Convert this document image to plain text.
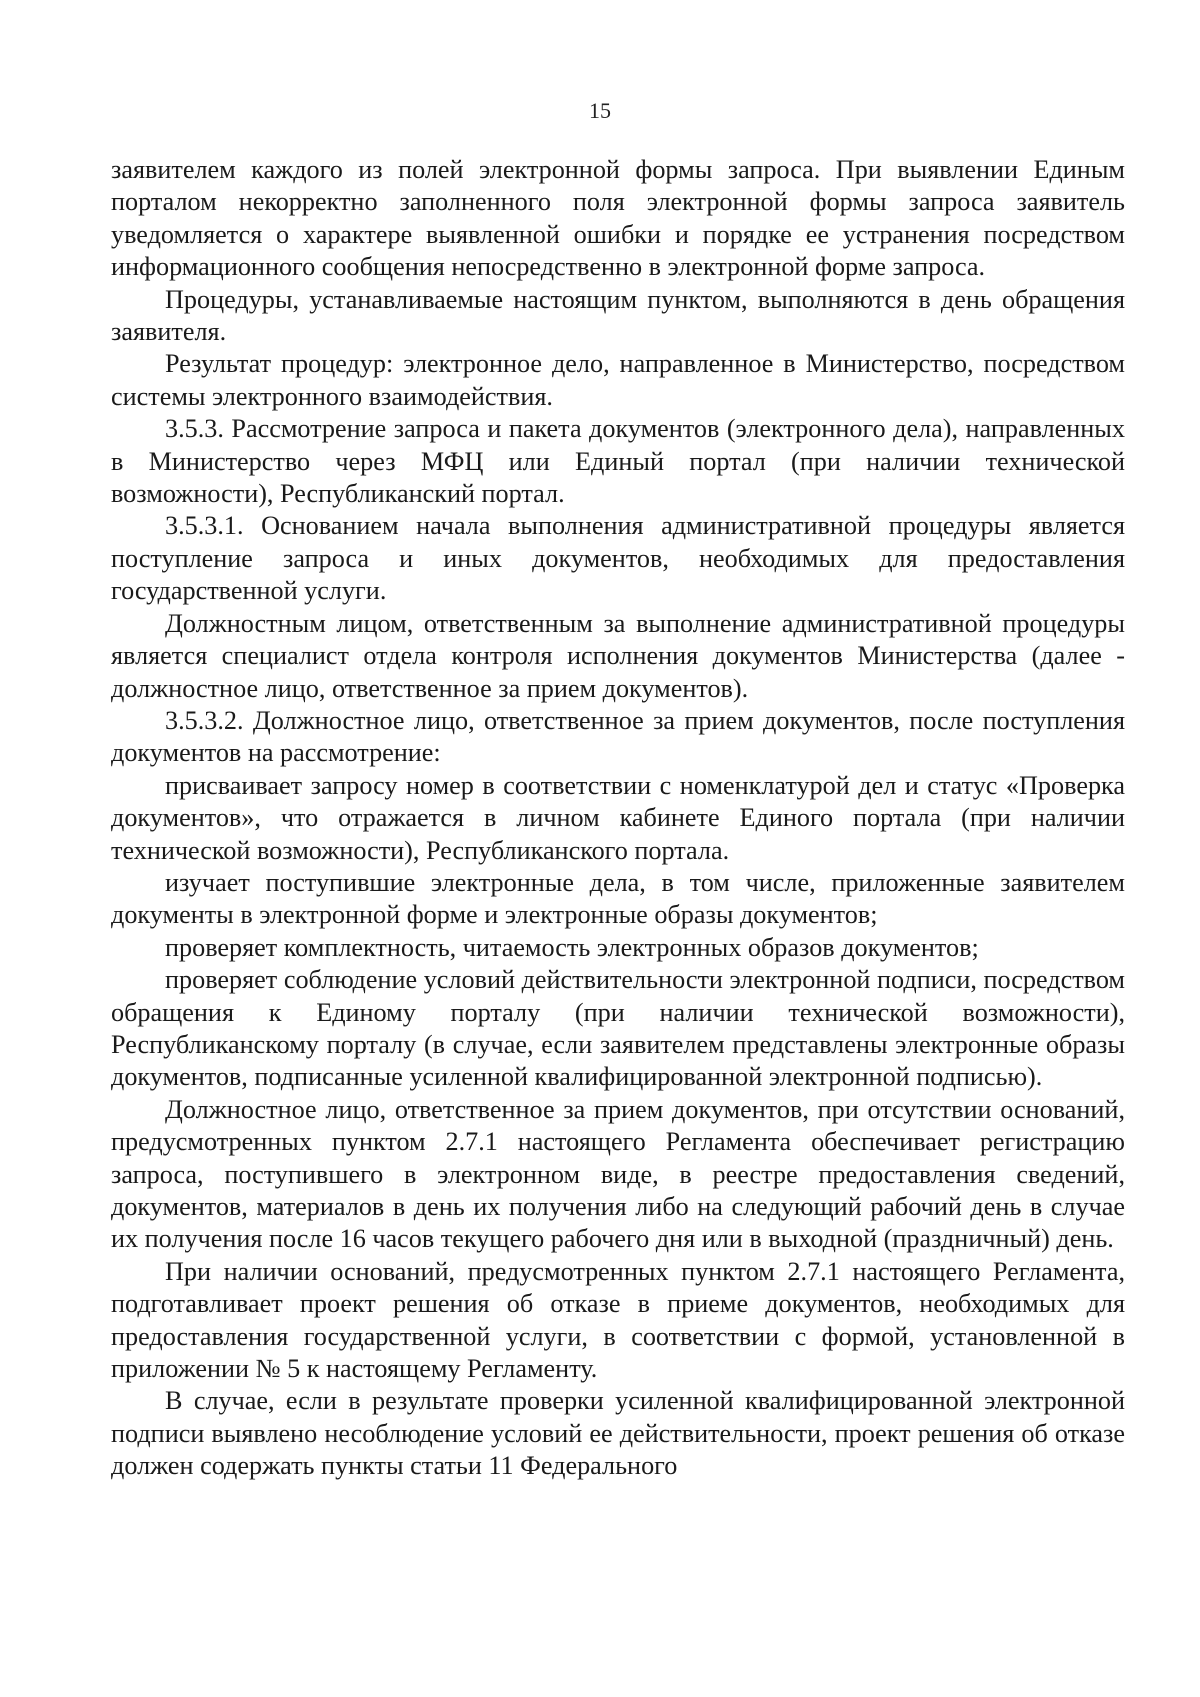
15

заявителем каждого из полей электронной формы запроса. При выявлении Единым порталом некорректно заполненного поля электронной формы запроса заявитель уведомляется о характере выявленной ошибки и порядке ее устранения посредством информационного сообщения непосредственно в электронной форме запроса.

Процедуры, устанавливаемые настоящим пунктом, выполняются в день обращения заявителя.

Результат процедур: электронное дело, направленное в Министерство, посредством системы электронного взаимодействия.

3.5.3. Рассмотрение запроса и пакета документов (электронного дела), направленных в Министерство через МФЦ или Единый портал (при наличии технической возможности), Республиканский портал.

3.5.3.1. Основанием начала выполнения административной процедуры является поступление запроса и иных документов, необходимых для предоставления государственной услуги.

Должностным лицом, ответственным за выполнение административной процедуры является специалист отдела контроля исполнения документов Министерства (далее - должностное лицо, ответственное за прием документов).

3.5.3.2. Должностное лицо, ответственное за прием документов, после поступления документов на рассмотрение:

присваивает запросу номер в соответствии с номенклатурой дел и статус «Проверка документов», что отражается в личном кабинете Единого портала (при наличии технической возможности), Республиканского портала.

изучает поступившие электронные дела, в том числе, приложенные заявителем документы в электронной форме и электронные образы документов;

проверяет комплектность, читаемость электронных образов документов;

проверяет соблюдение условий действительности электронной подписи, посредством обращения к Единому порталу (при наличии технической возможности), Республиканскому порталу (в случае, если заявителем представлены электронные образы документов, подписанные усиленной квалифицированной электронной подписью).

Должностное лицо, ответственное за прием документов, при отсутствии оснований, предусмотренных пунктом 2.7.1 настоящего Регламента обеспечивает регистрацию запроса, поступившего в электронном виде, в реестре предоставления сведений, документов, материалов в день их получения либо на следующий рабочий день в случае их получения после 16 часов текущего рабочего дня или в выходной (праздничный) день.

При наличии оснований, предусмотренных пунктом 2.7.1 настоящего Регламента, подготавливает проект решения об отказе в приеме документов, необходимых для предоставления государственной услуги, в соответствии с формой, установленной в приложении № 5 к настоящему Регламенту.

В случае, если в результате проверки усиленной квалифицированной электронной подписи выявлено несоблюдение условий ее действительности, проект решения об отказе должен содержать пункты статьи 11 Федерального
